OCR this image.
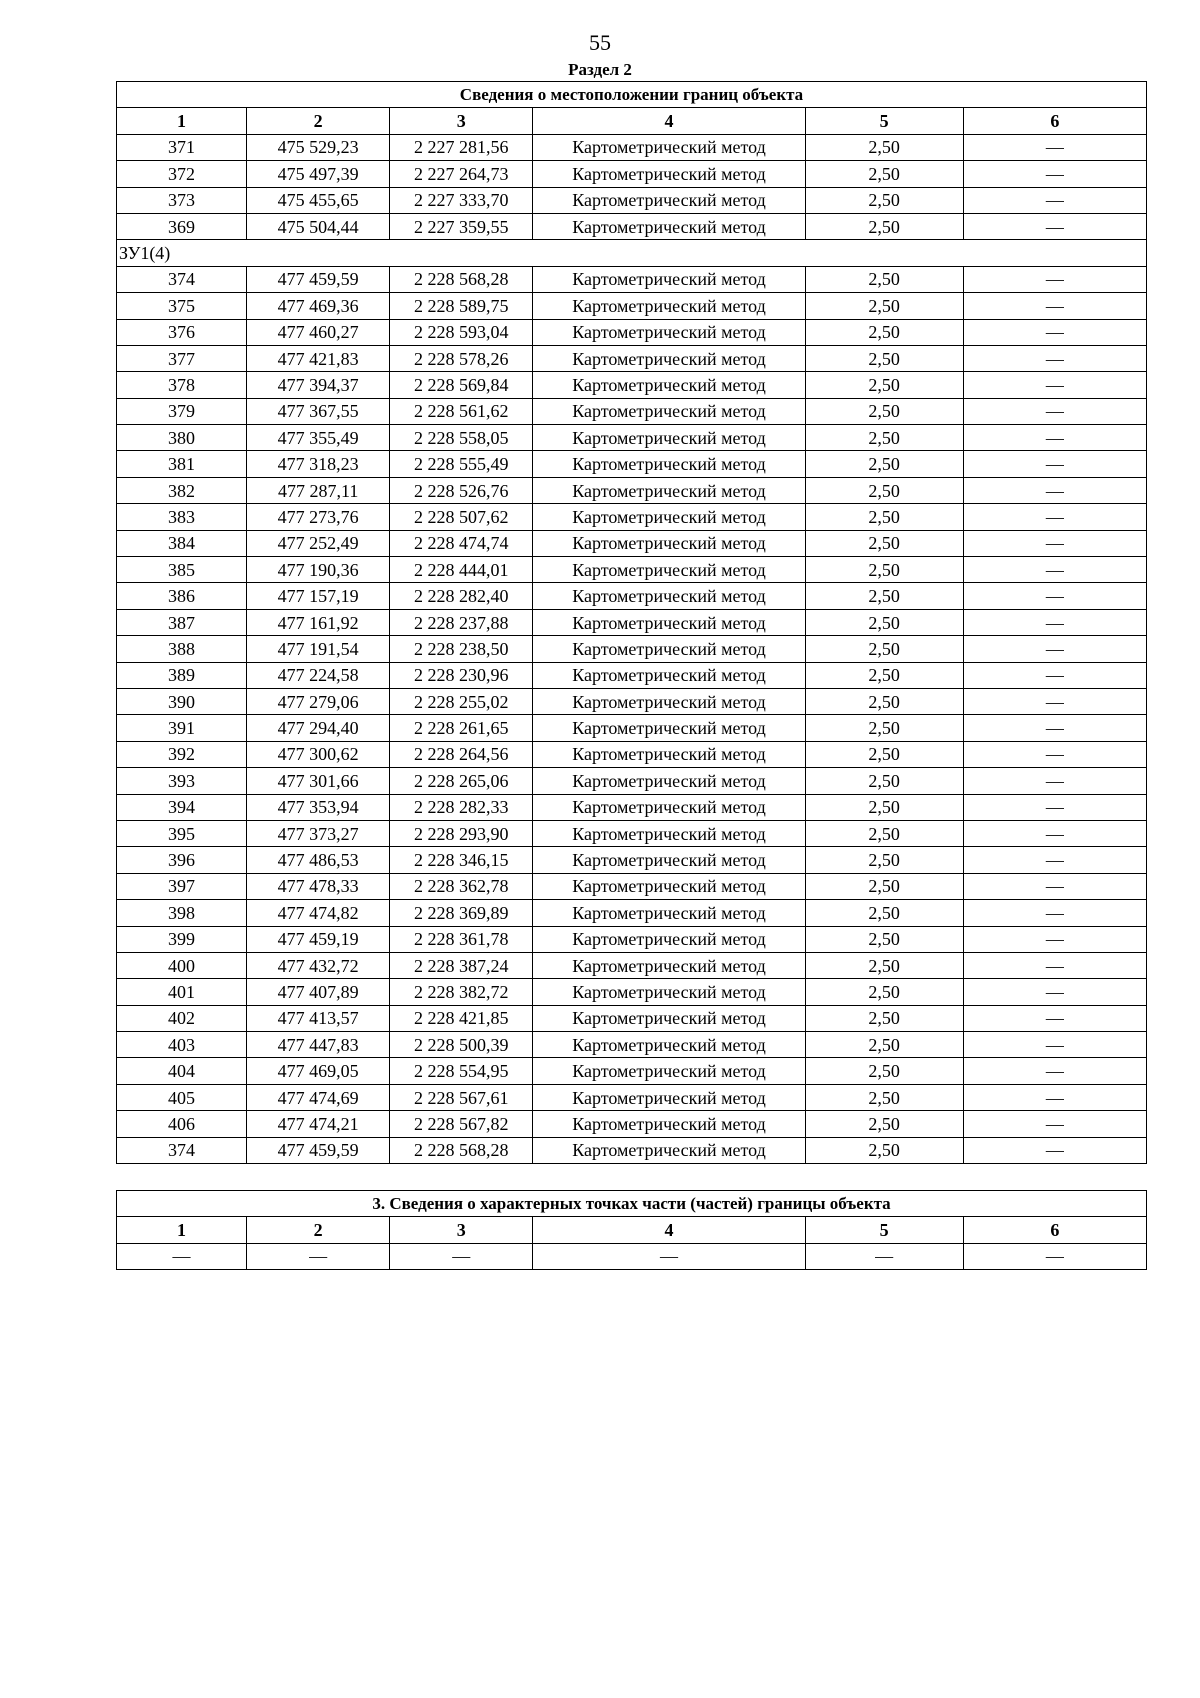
55
Раздел 2
Сведения о местоположении границ объекта					
1	2	3	4	5	6
371	475 529,23	2 227 281,56	Картометрический метод	2,50	—
372	475 497,39	2 227 264,73	Картометрический метод	2,50	—
373	475 455,65	2 227 333,70	Картометрический метод	2,50	—
369	475 504,44	2 227 359,55	Картометрический метод	2,50	—
ЗУ1(4)					
374	477 459,59	2 228 568,28	Картометрический метод	2,50	—
375	477 469,36	2 228 589,75	Картометрический метод	2,50	—
376	477 460,27	2 228 593,04	Картометрический метод	2,50	—
377	477 421,83	2 228 578,26	Картометрический метод	2,50	—
378	477 394,37	2 228 569,84	Картометрический метод	2,50	—
379	477 367,55	2 228 561,62	Картометрический метод	2,50	—
380	477 355,49	2 228 558,05	Картометрический метод	2,50	—
381	477 318,23	2 228 555,49	Картометрический метод	2,50	—
382	477 287,11	2 228 526,76	Картометрический метод	2,50	—
383	477 273,76	2 228 507,62	Картометрический метод	2,50	—
384	477 252,49	2 228 474,74	Картометрический метод	2,50	—
385	477 190,36	2 228 444,01	Картометрический метод	2,50	—
386	477 157,19	2 228 282,40	Картометрический метод	2,50	—
387	477 161,92	2 228 237,88	Картометрический метод	2,50	—
388	477 191,54	2 228 238,50	Картометрический метод	2,50	—
389	477 224,58	2 228 230,96	Картометрический метод	2,50	—
390	477 279,06	2 228 255,02	Картометрический метод	2,50	—
391	477 294,40	2 228 261,65	Картометрический метод	2,50	—
392	477 300,62	2 228 264,56	Картометрический метод	2,50	—
393	477 301,66	2 228 265,06	Картометрический метод	2,50	—
394	477 353,94	2 228 282,33	Картометрический метод	2,50	—
395	477 373,27	2 228 293,90	Картометрический метод	2,50	—
396	477 486,53	2 228 346,15	Картометрический метод	2,50	—
397	477 478,33	2 228 362,78	Картометрический метод	2,50	—
398	477 474,82	2 228 369,89	Картометрический метод	2,50	—
399	477 459,19	2 228 361,78	Картометрический метод	2,50	—
400	477 432,72	2 228 387,24	Картометрический метод	2,50	—
401	477 407,89	2 228 382,72	Картометрический метод	2,50	—
402	477 413,57	2 228 421,85	Картометрический метод	2,50	—
403	477 447,83	2 228 500,39	Картометрический метод	2,50	—
404	477 469,05	2 228 554,95	Картометрический метод	2,50	—
405	477 474,69	2 228 567,61	Картометрический метод	2,50	—
406	477 474,21	2 228 567,82	Картометрический метод	2,50	—
374	477 459,59	2 228 568,28	Картометрический метод	2,50	—
3. Сведения о характерных точках части (частей) границы объекта					
1	2	3	4	5	6
—	—	—	—	—	—
